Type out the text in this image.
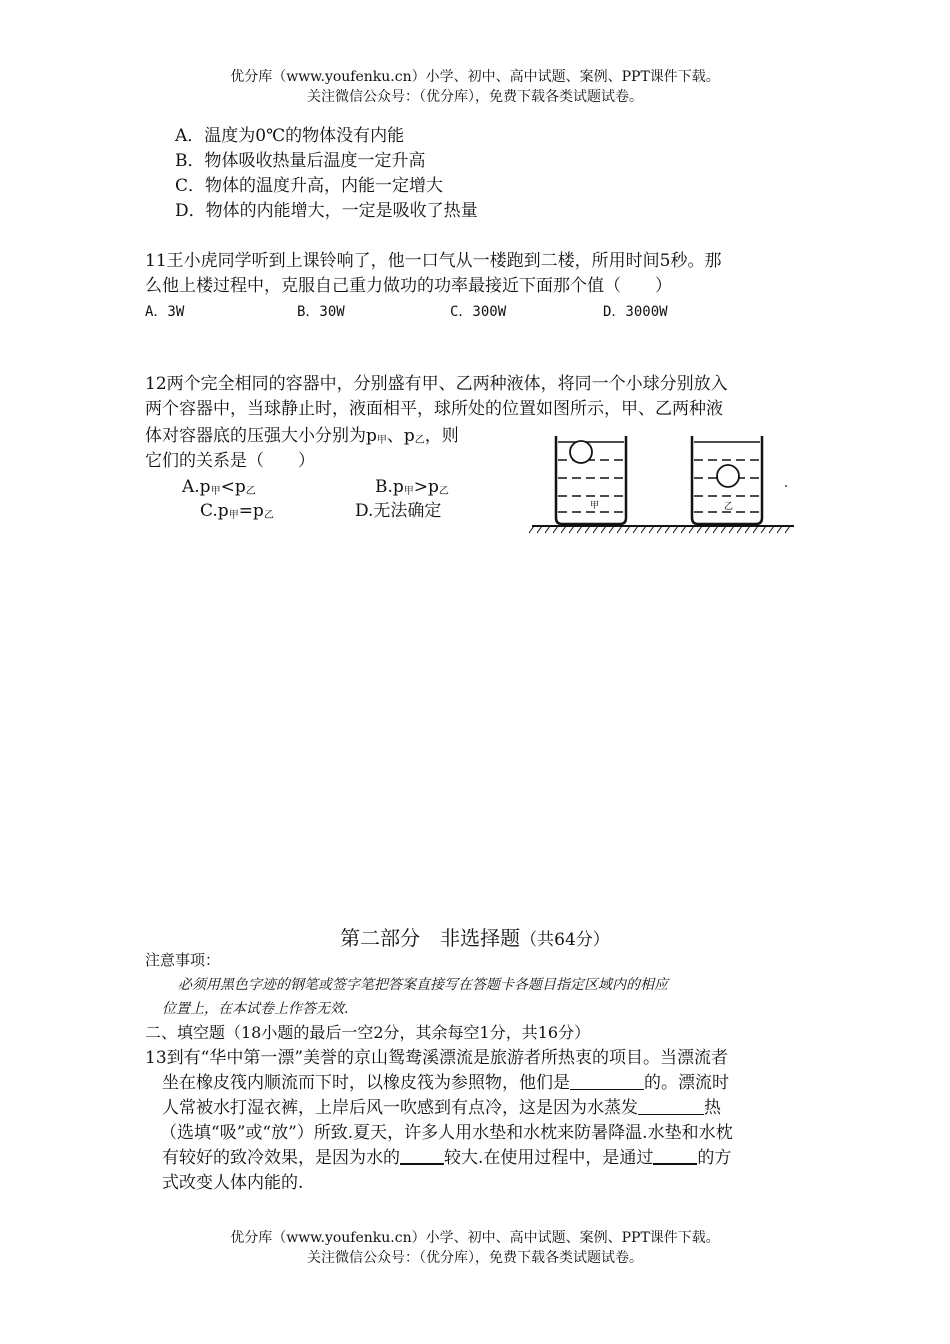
优分库（www.youfenku.cn）小学、初中、高中试题、案例、PPT课件下载。
关注微信公众号：（优分库），免费下载各类试题试卷。
A．温度为0℃的物体没有内能
B．物体吸收热量后温度一定升高
C．物体的温度升高，内能一定增大
D．物体的内能增大，一定是吸收了热量
11王小虎同学听到上课铃响了，他一口气从一楼跑到二楼，所用时间5秒。那
么他上楼过程中，克服自己重力做功的功率最接近下面那个值（　　）
A．3W	B．30W	C．300W	D．3000W
12两个完全相同的容器中，分别盛有甲、乙两种液体，将同一个小球分别放入
两个容器中，当球静止时，液面相平，球所处的位置如图所示，甲、乙两种液
体对容器底的压强大小分别为$p_甲$、$p_乙$，则
它们的关系是（　　）
$A.p_甲<p_乙$	$B.p_甲>p_乙$
$C.p_甲=p_乙$	D.无法确定	甲	乙
第二部分　非选择题（共64分）
注意事项：
必须用黑色字迹的钢笔或签字笔把答案直接写在答题卡各题目指定区域内的相应
位置上，在本试卷上作答无效.
二、填空题（18小题的最后一空2分，其余每空1分，共16分）
13到有“华中第一漂”美誉的京山鸳鸯溪漂流是旅游者所热衷的项目。当漂流者
坐在橡皮筏内顺流而下时，以橡皮筏为参照物，他们是	的。漂流时
人常被水打湿衣裤，上岸后风一吹感到有点冷，这是因为水蒸发	热
（选填“吸”或“放”）所致.夏天，许多人用水垫和水枕来防暑降温.水垫和水枕
有较好的致冷效果，是因为水的	较大.在使用过程中，是通过	的方
式改变人体内能的.
优分库（www.youfenku.cn）小学、初中、高中试题、案例、PPT课件下载。
关注微信公众号：（优分库），免费下载各类试题试卷。
